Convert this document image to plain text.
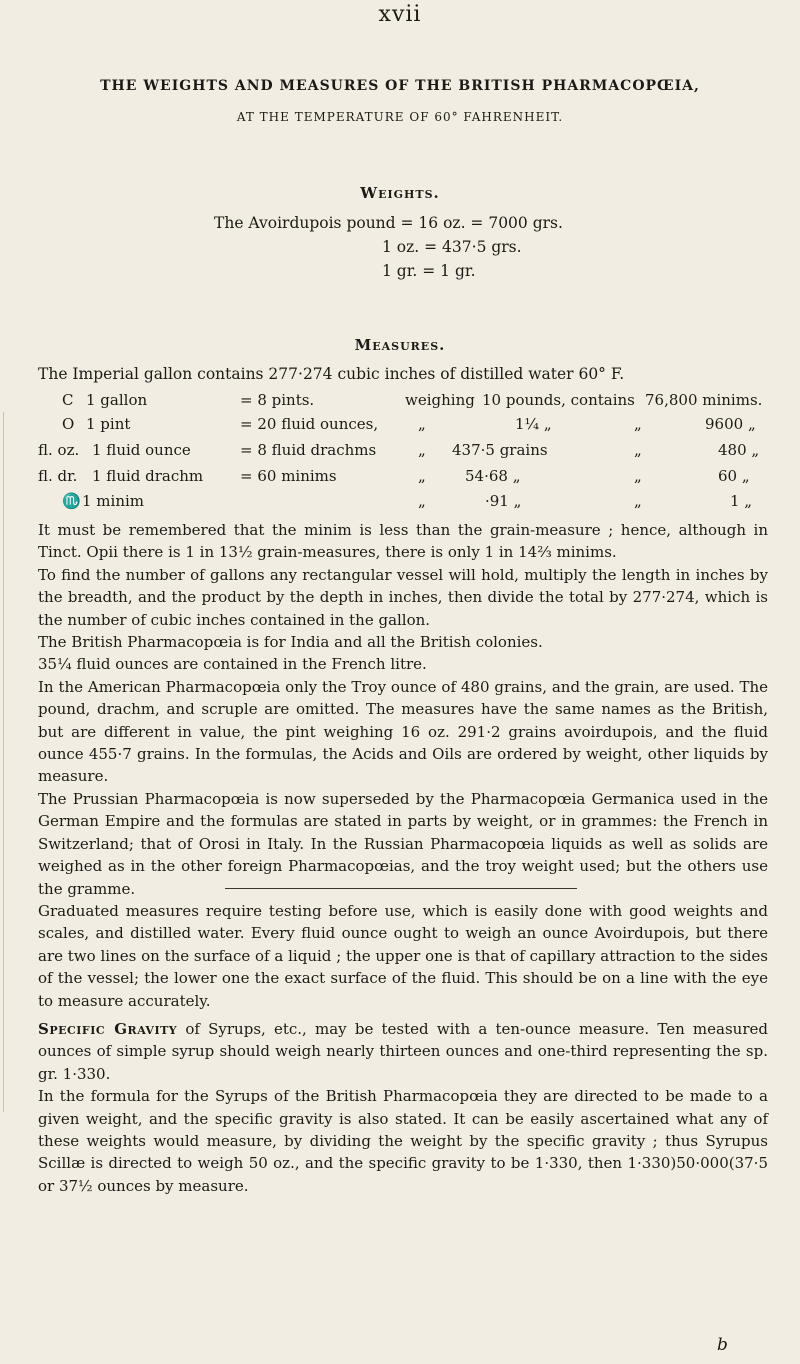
xvii
THE WEIGHTS AND MEASURES OF THE BRITISH PHARMACOPŒIA,
AT THE TEMPERATURE OF 60° FAHRENHEIT.
Weights.
The Avoirdupois pound = 16 oz. = 7000 grs.
1 oz. = 437·5 grs.
1 gr. = 1 gr.
Measures.
The Imperial gallon contains 277·274 cubic inches of distilled water 60° F.
C 1 gallon	= 8 pints.	weighing 10 pounds, contains 76,800 minims.
O 1 pint	= 20 fluid ounces,	„	1¼ „	„	9600 „
fl. oz. 1 fluid ounce	= 8 fluid drachms	„ 437·5 grains	„	480 „
fl. dr. 1 fluid drachm = 60 minims	„	54·68 „	„	60 „
♏ 1 minim	„	·91 „	„	1 „

It must be remembered that the minim is less than the grain-measure ; hence, although in Tinct. Opii there is 1 in 13½ grain-measures, there is only 1 in 14⅔ minims.

To find the number of gallons any rectangular vessel will hold, multiply the length in inches by the breadth, and the product by the depth in inches, then divide the total by 277·274, which is the number of cubic inches contained in the gallon.

The British Pharmacopœia is for India and all the British colonies.

35¼ fluid ounces are contained in the French litre.

In the American Pharmacopœia only the Troy ounce of 480 grains, and the grain, are used. The pound, drachm, and scruple are omitted. The measures have the same names as the British, but are different in value, the pint weighing 16 oz. 291·2 grains avoirdupois, and the fluid ounce 455·7 grains. In the formulas, the Acids and Oils are ordered by weight, other liquids by measure.

The Prussian Pharmacopœia is now superseded by the Pharmacopœia Germanica used in the German Empire and the formulas are stated in parts by weight, or in grammes: the French in Switzerland; that of Orosi in Italy. In the Russian Pharmacopœia liquids as well as solids are weighed as in the other foreign Pharmacopœias, and the troy weight used; but the others use the gramme.

Graduated measures require testing before use, which is easily done with good weights and scales, and distilled water. Every fluid ounce ought to weigh an ounce Avoirdupois, but there are two lines on the surface of a liquid ; the upper one is that of capillary attraction to the sides of the vessel; the lower one the exact surface of the fluid. This should be on a line with the eye to measure accurately.

Specific Gravity of Syrups, etc., may be tested with a ten-ounce measure. Ten measured ounces of simple syrup should weigh nearly thirteen ounces and one-third representing the sp. gr. 1·330.

In the formula for the Syrups of the British Pharmacopœia they are directed to be made to a given weight, and the specific gravity is also stated. It can be easily ascertained what any of these weights would measure, by dividing the weight by the specific gravity ; thus Syrupus Scillæ is directed to weigh 50 oz., and the specific gravity to be 1·330, then 1·330)50·000(37·5 or 37½ ounces by measure.

b
